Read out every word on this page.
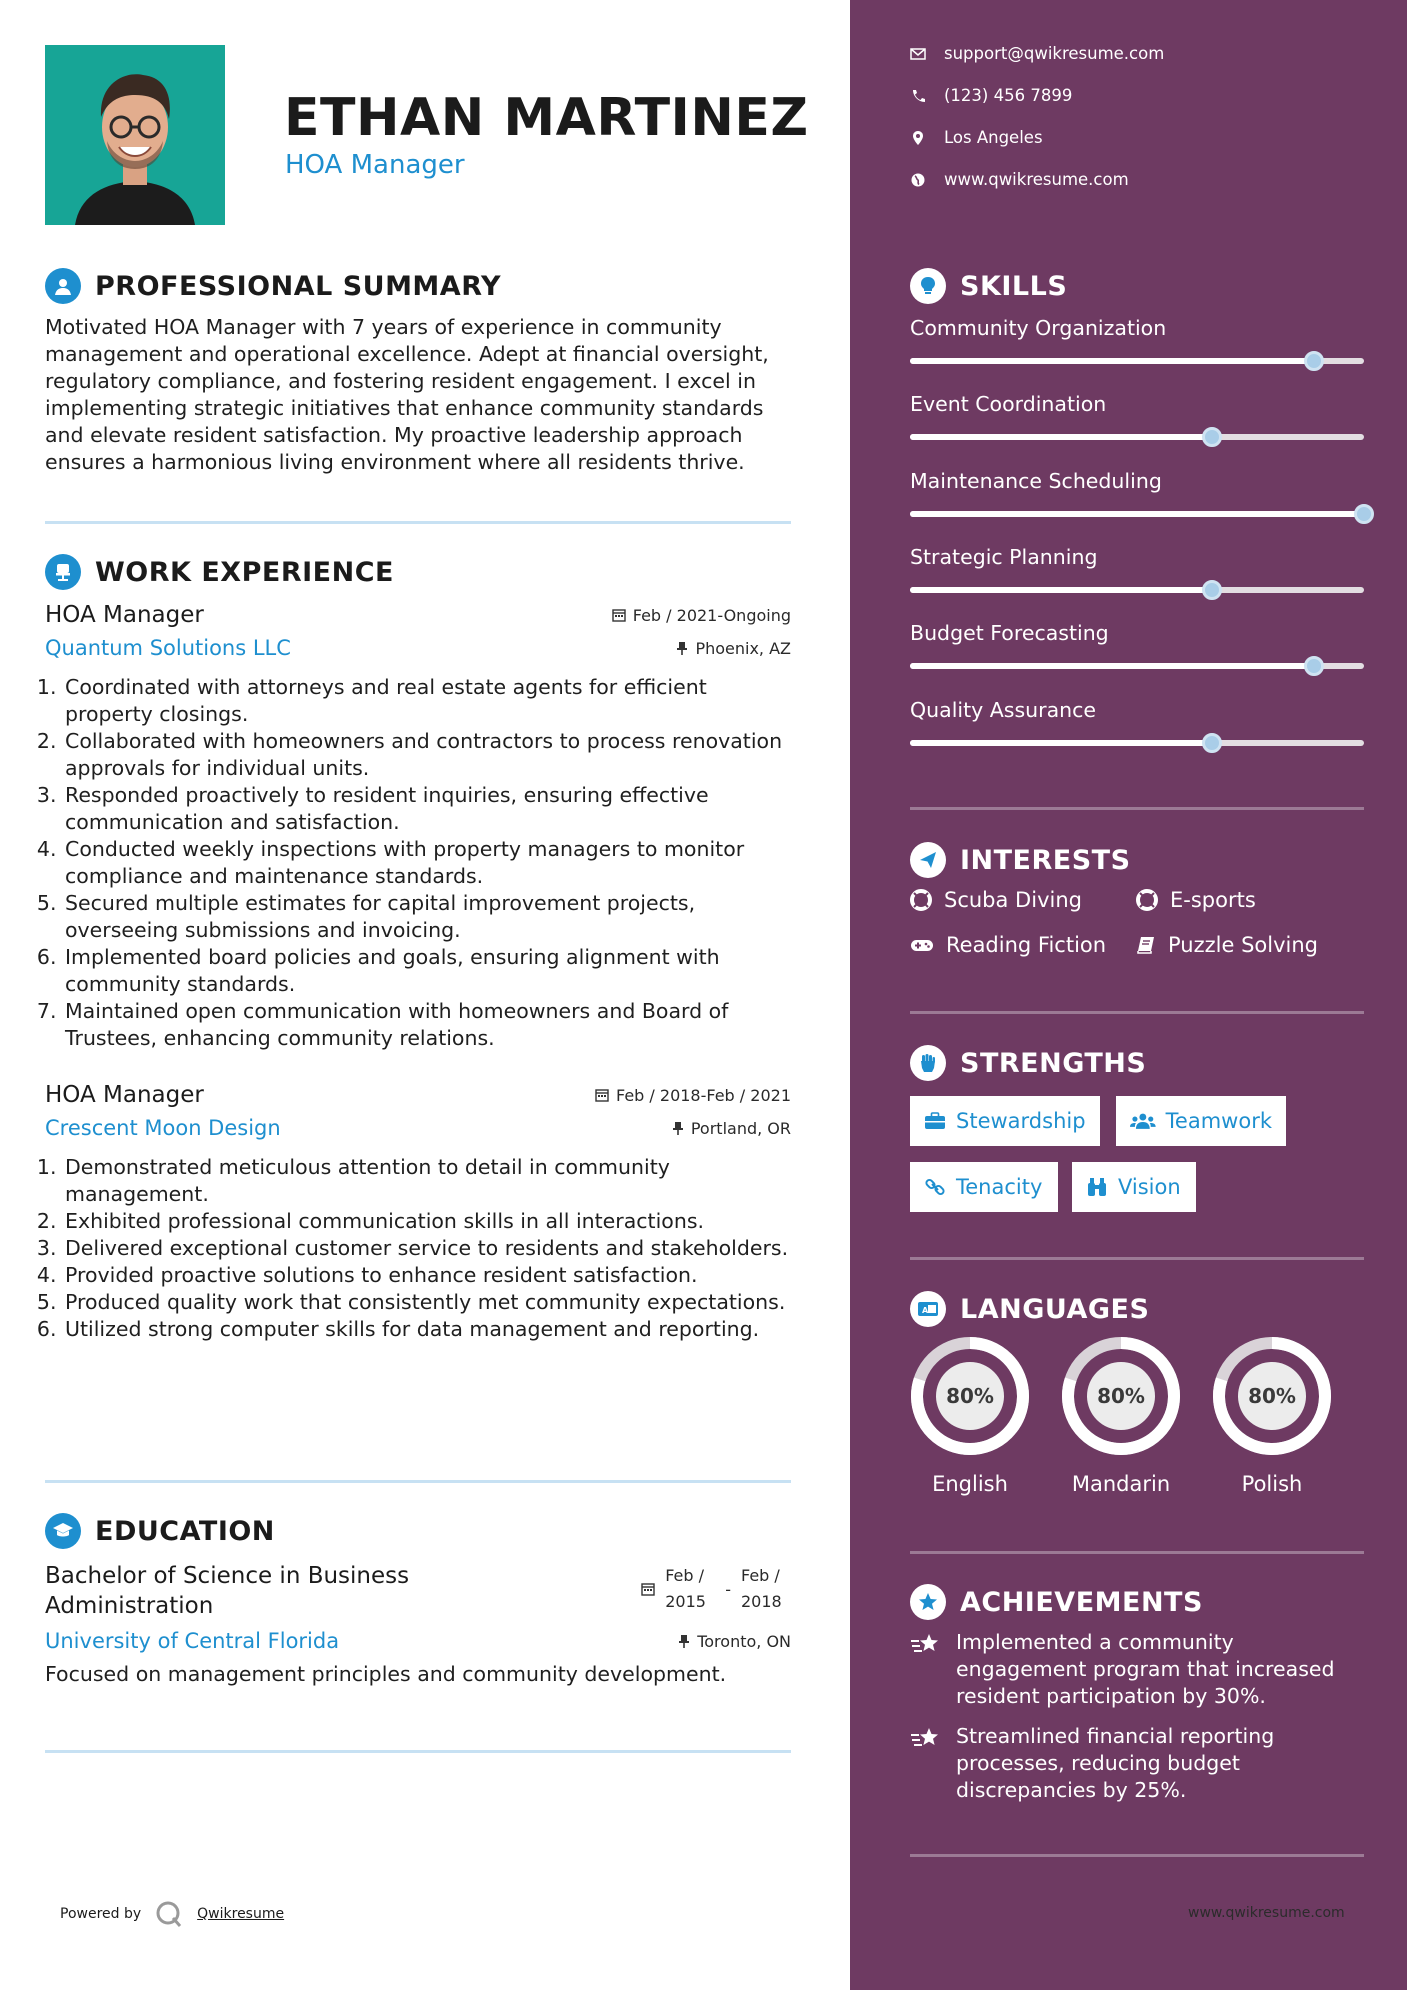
ETHAN MARTINEZ
HOA Manager
PROFESSIONAL SUMMARY
Motivated HOA Manager with 7 years of experience in community management and operational excellence. Adept at financial oversight, regulatory compliance, and fostering resident engagement. I excel in implementing strategic initiatives that enhance community standards and elevate resident satisfaction. My proactive leadership approach ensures a harmonious living environment where all residents thrive.
WORK EXPERIENCE
HOA Manager	Feb / 2021-Ongoing
Quantum Solutions LLC	Phoenix, AZ
1. Coordinated with attorneys and real estate agents for efficient property closings.
2. Collaborated with homeowners and contractors to process renovation approvals for individual units.
3. Responded proactively to resident inquiries, ensuring effective communication and satisfaction.
4. Conducted weekly inspections with property managers to monitor compliance and maintenance standards.
5. Secured multiple estimates for capital improvement projects, overseeing submissions and invoicing.
6. Implemented board policies and goals, ensuring alignment with community standards.
7. Maintained open communication with homeowners and Board of Trustees, enhancing community relations.
HOA Manager	Feb / 2018-Feb / 2021
Crescent Moon Design	Portland, OR
1. Demonstrated meticulous attention to detail in community management.
2. Exhibited professional communication skills in all interactions.
3. Delivered exceptional customer service to residents and stakeholders.
4. Provided proactive solutions to enhance resident satisfaction.
5. Produced quality work that consistently met community expectations.
6. Utilized strong computer skills for data management and reporting.
EDUCATION
Bachelor of Science in Business Administration
Feb / 2015
-
Feb / 2018
University of Central Florida	Toronto, ON
Focused on management principles and community development.
Powered by	Qwikresume
support@qwikresume.com
(123) 456 7899
Los Angeles
www.qwikresume.com
SKILLS
Community Organization
Event Coordination
Maintenance Scheduling
Strategic Planning
Budget Forecasting
Quality Assurance
INTERESTS
Scuba Diving	E-sports
Reading Fiction	Puzzle Solving
STRENGTHS
Stewardship	Teamwork
Tenacity	Vision
A LANGUAGES
80%
English
80%
Mandarin
80%
Polish
ACHIEVEMENTS
Implemented a community engagement program that increased resident participation by 30%.
Streamlined financial reporting processes, reducing budget discrepancies by 25%.
www.qwikresume.com
